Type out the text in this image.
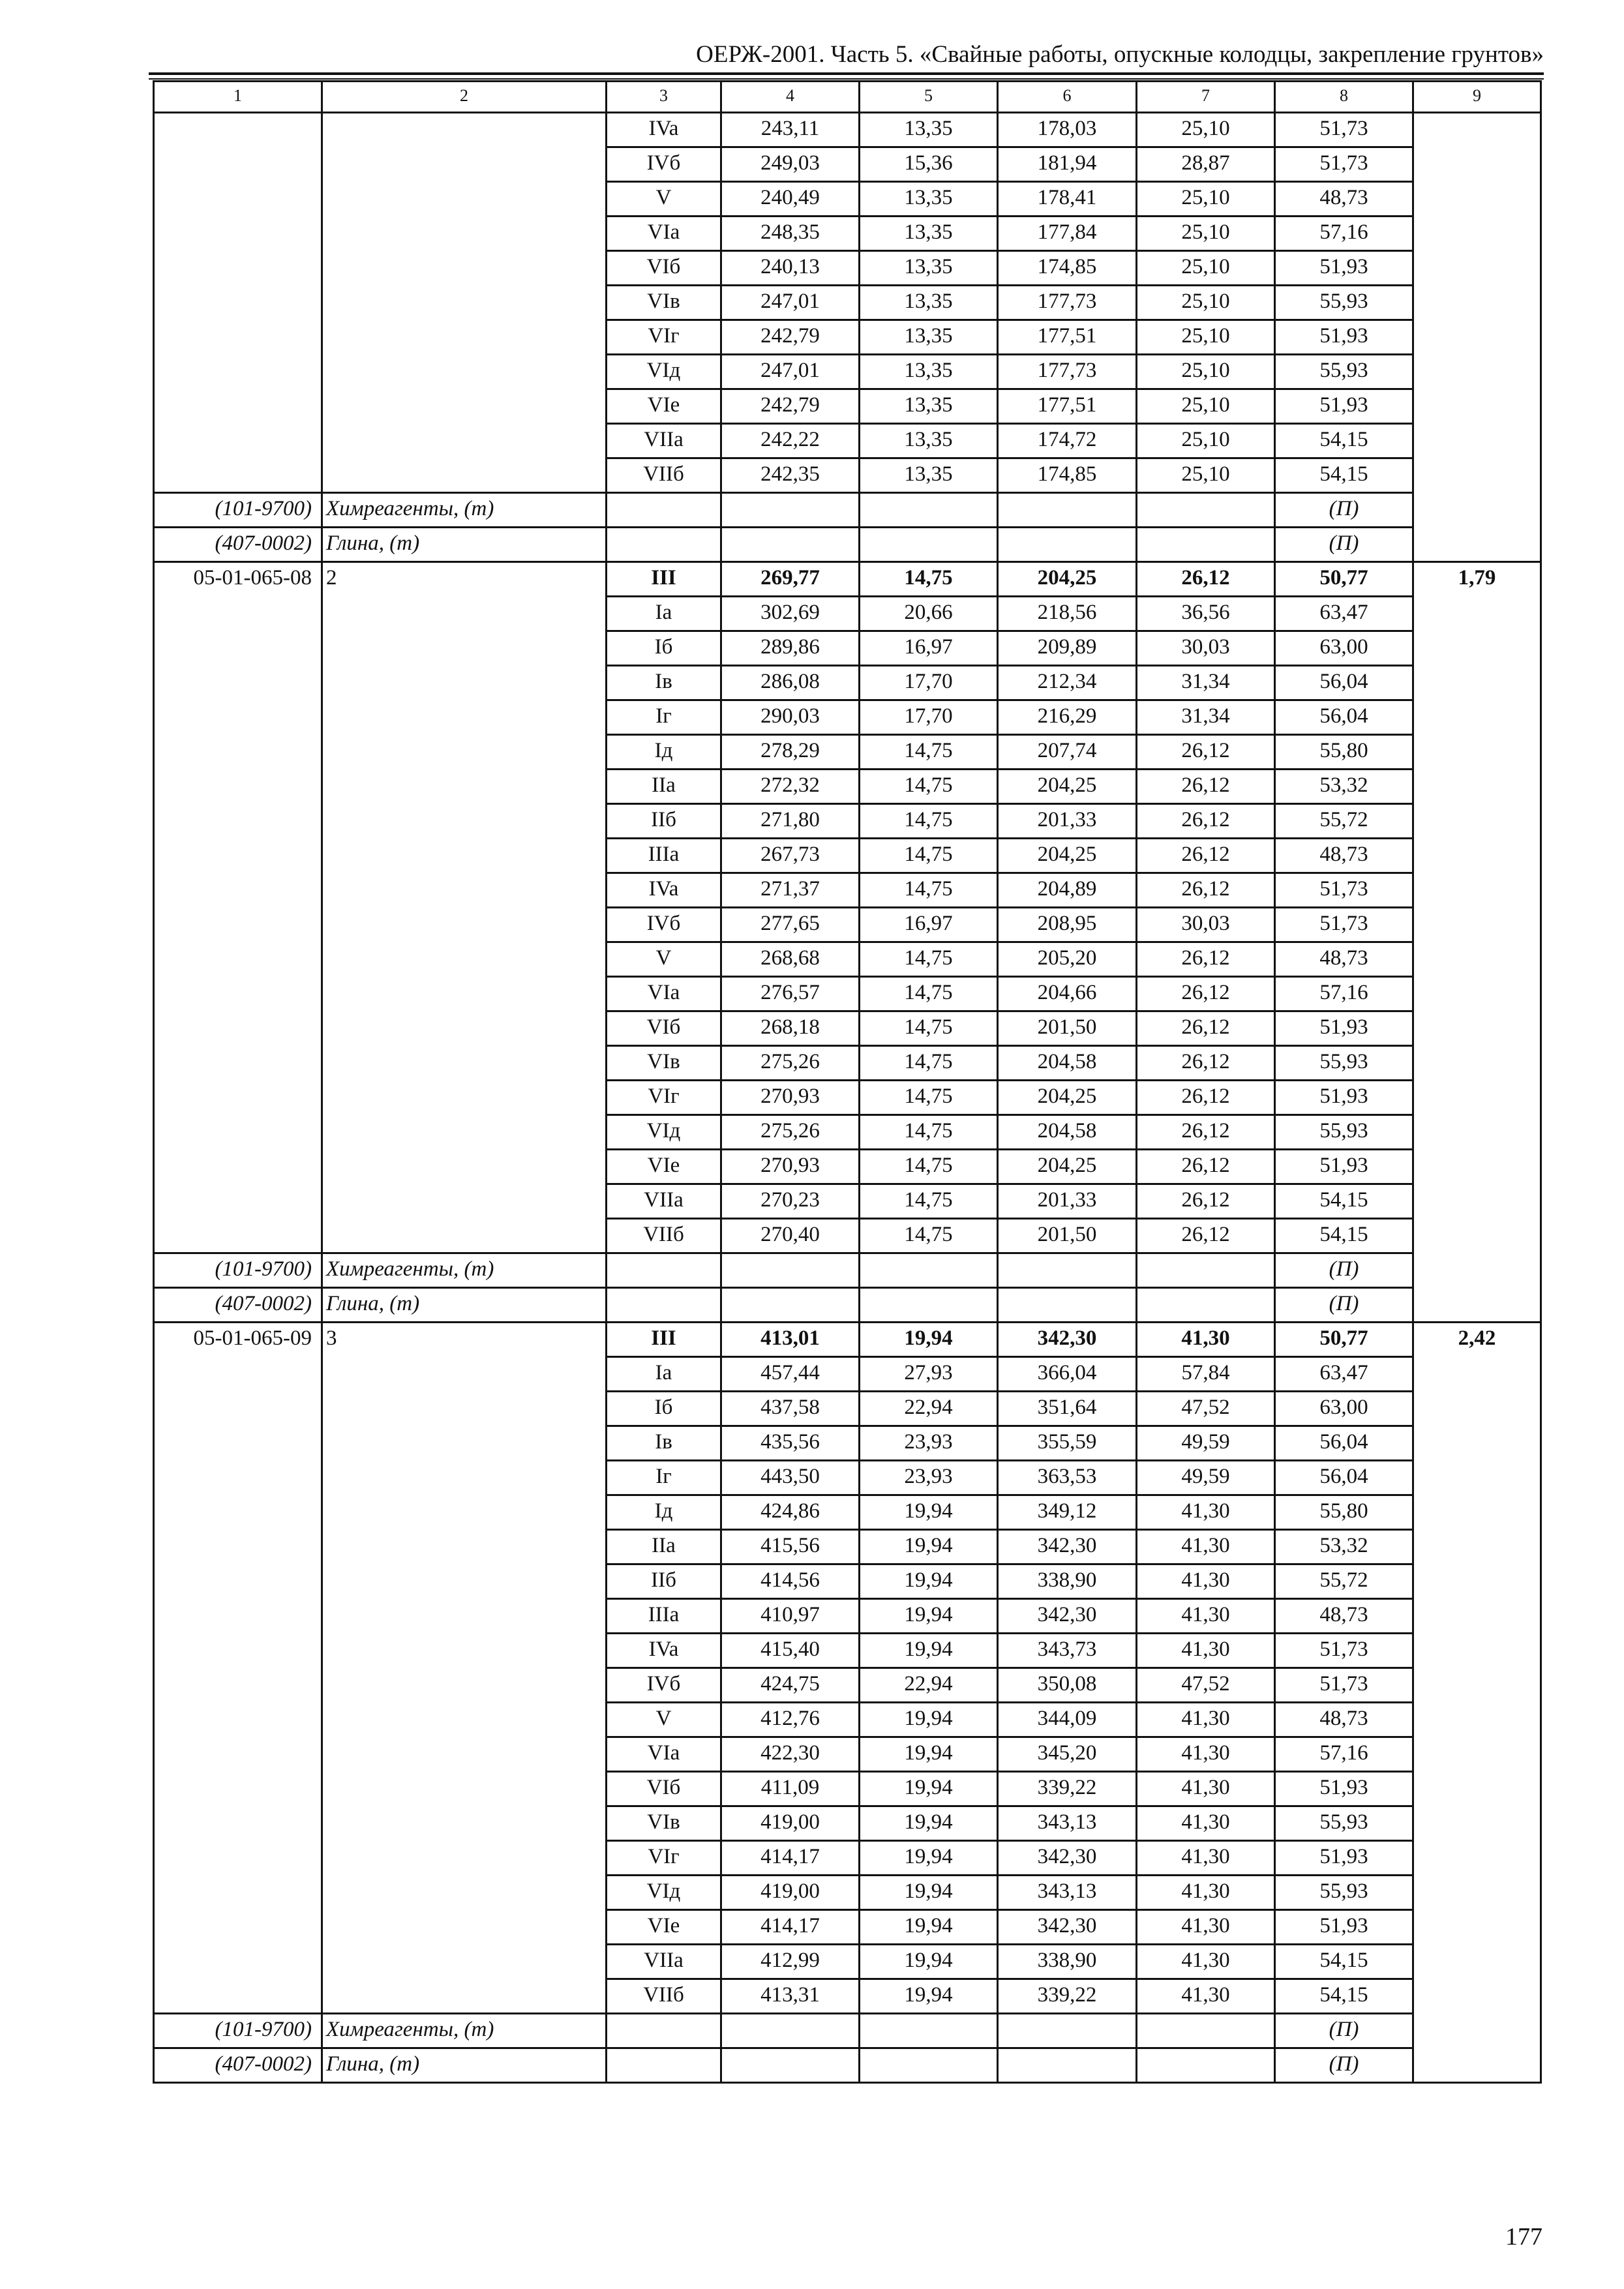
ОЕРЖ-2001. Часть 5. «Свайные работы, опускные колодцы, закрепление грунтов»
1	2	3	4	5	6	7	8	9
		IVa	243,11	13,35	178,03	25,10	51,73	
		IVб	249,03	15,36	181,94	28,87	51,73	
		V	240,49	13,35	178,41	25,10	48,73	
		VIa	248,35	13,35	177,84	25,10	57,16	
		VIб	240,13	13,35	174,85	25,10	51,93	
		VIв	247,01	13,35	177,73	25,10	55,93	
		VIг	242,79	13,35	177,51	25,10	51,93	
		VIд	247,01	13,35	177,73	25,10	55,93	
		VIе	242,79	13,35	177,51	25,10	51,93	
		VIIa	242,22	13,35	174,72	25,10	54,15	
		VIIб	242,35	13,35	174,85	25,10	54,15	
(101-9700)	Химреагенты, (т)						(П)	
(407-0002)	Глина, (т)						(П)	
05-01-065-08	2	III	269,77	14,75	204,25	26,12	50,77	1,79
		Ia	302,69	20,66	218,56	36,56	63,47	
		Iб	289,86	16,97	209,89	30,03	63,00	
		Iв	286,08	17,70	212,34	31,34	56,04	
		Iг	290,03	17,70	216,29	31,34	56,04	
		Iд	278,29	14,75	207,74	26,12	55,80	
		IIa	272,32	14,75	204,25	26,12	53,32	
		IIб	271,80	14,75	201,33	26,12	55,72	
		IIIa	267,73	14,75	204,25	26,12	48,73	
		IVa	271,37	14,75	204,89	26,12	51,73	
		IVб	277,65	16,97	208,95	30,03	51,73	
		V	268,68	14,75	205,20	26,12	48,73	
		VIa	276,57	14,75	204,66	26,12	57,16	
		VIб	268,18	14,75	201,50	26,12	51,93	
		VIв	275,26	14,75	204,58	26,12	55,93	
		VIг	270,93	14,75	204,25	26,12	51,93	
		VIд	275,26	14,75	204,58	26,12	55,93	
		VIе	270,93	14,75	204,25	26,12	51,93	
		VIIa	270,23	14,75	201,33	26,12	54,15	
		VIIб	270,40	14,75	201,50	26,12	54,15	
(101-9700)	Химреагенты, (т)						(П)	
(407-0002)	Глина, (т)						(П)	
05-01-065-09	3	III	413,01	19,94	342,30	41,30	50,77	2,42
		Ia	457,44	27,93	366,04	57,84	63,47	
		Iб	437,58	22,94	351,64	47,52	63,00	
		Iв	435,56	23,93	355,59	49,59	56,04	
		Iг	443,50	23,93	363,53	49,59	56,04	
		Iд	424,86	19,94	349,12	41,30	55,80	
		IIa	415,56	19,94	342,30	41,30	53,32	
		IIб	414,56	19,94	338,90	41,30	55,72	
		IIIa	410,97	19,94	342,30	41,30	48,73	
		IVa	415,40	19,94	343,73	41,30	51,73	
		IVб	424,75	22,94	350,08	47,52	51,73	
		V	412,76	19,94	344,09	41,30	48,73	
		VIa	422,30	19,94	345,20	41,30	57,16	
		VIб	411,09	19,94	339,22	41,30	51,93	
		VIв	419,00	19,94	343,13	41,30	55,93	
		VIг	414,17	19,94	342,30	41,30	51,93	
		VIд	419,00	19,94	343,13	41,30	55,93	
		VIе	414,17	19,94	342,30	41,30	51,93	
		VIIa	412,99	19,94	338,90	41,30	54,15	
		VIIб	413,31	19,94	339,22	41,30	54,15	
(101-9700)	Химреагенты, (т)						(П)	
(407-0002)	Глина, (т)						(П)	
177
